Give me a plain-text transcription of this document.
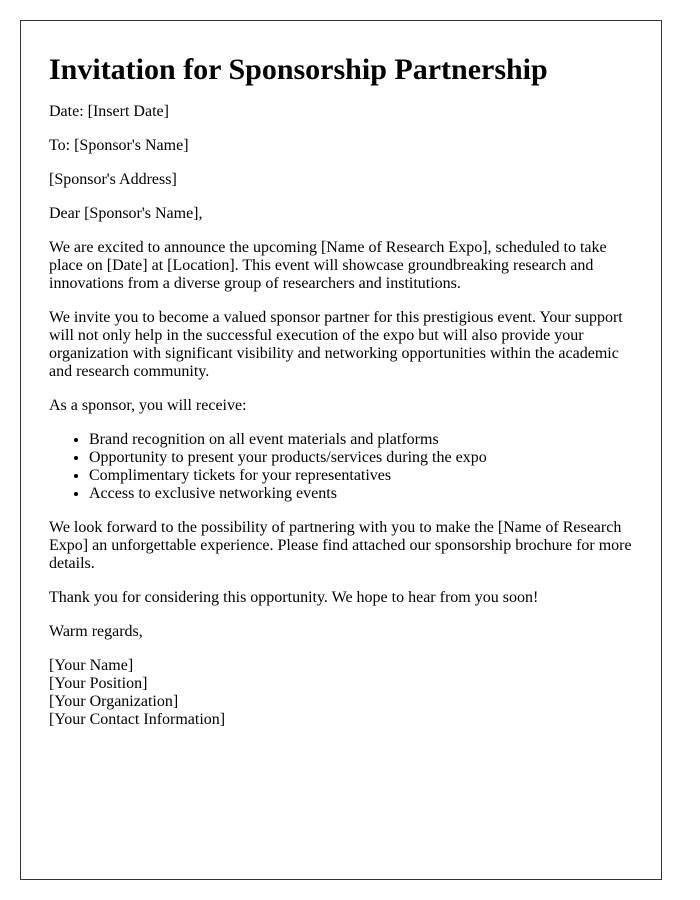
Invitation for Sponsorship Partnership

Date: [Insert Date]

To: [Sponsor's Name]

[Sponsor's Address]

Dear [Sponsor's Name],

We are excited to announce the upcoming [Name of Research Expo], scheduled to take place on [Date] at [Location]. This event will showcase groundbreaking research and innovations from a diverse group of researchers and institutions.

We invite you to become a valued sponsor partner for this prestigious event. Your support will not only help in the successful execution of the expo but will also provide your organization with significant visibility and networking opportunities within the academic and research community.

As a sponsor, you will receive:

• Brand recognition on all event materials and platforms
• Opportunity to present your products/services during the expo
• Complimentary tickets for your representatives
• Access to exclusive networking events

We look forward to the possibility of partnering with you to make the [Name of Research Expo] an unforgettable experience. Please find attached our sponsorship brochure for more details.

Thank you for considering this opportunity. We hope to hear from you soon!

Warm regards,

[Your Name]
[Your Position]
[Your Organization]
[Your Contact Information]
